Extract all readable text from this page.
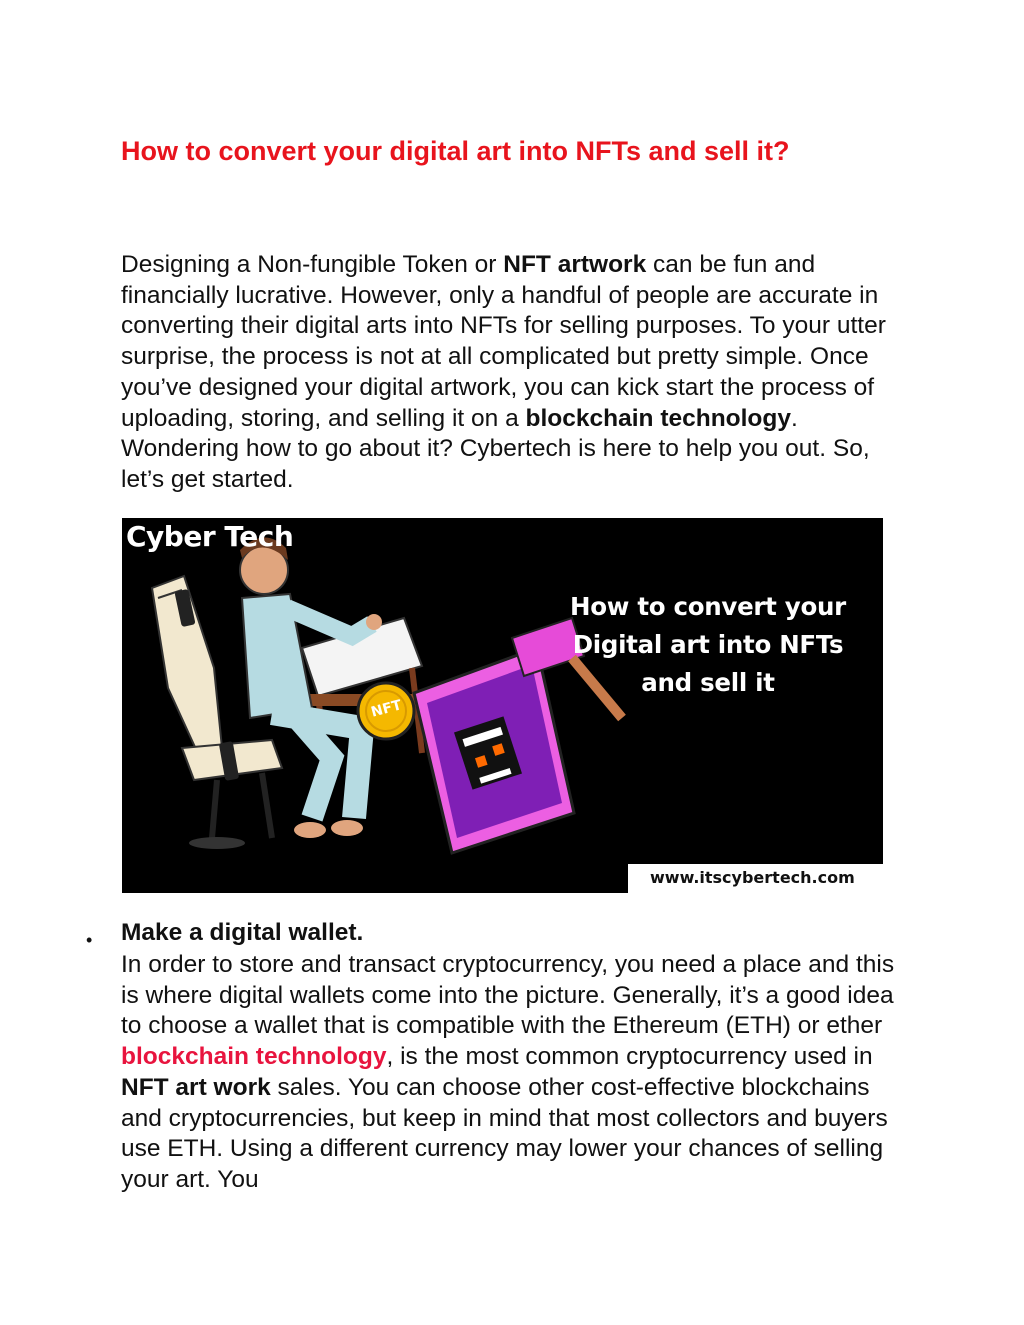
How to convert your digital art into NFTs and sell it?

Designing a Non-fungible Token or NFT artwork can be fun and financially lucrative. However, only a handful of people are accurate in converting their digital arts into NFTs for selling purposes. To your utter surprise, the process is not at all complicated but pretty simple. Once you’ve designed your digital artwork, you can kick start the process of uploading, storing, and selling it on a blockchain technology. Wondering how to go about it? Cybertech is here to help you out. So, let’s get started.

Cyber Tech
How to convert your
Digital art into NFTs
and sell it
NFT
www.itscybertech.com
• Make a digital wallet.

In order to store and transact cryptocurrency, you need a place and this is where digital wallets come into the picture. Generally, it’s a good idea to choose a wallet that is compatible with the Ethereum (ETH) or ether blockchain technology, is the most common cryptocurrency used in NFT art work sales. You can choose other cost-effective blockchains and cryptocurrencies, but keep in mind that most collectors and buyers use ETH. Using a different currency may lower your chances of selling your art. You
